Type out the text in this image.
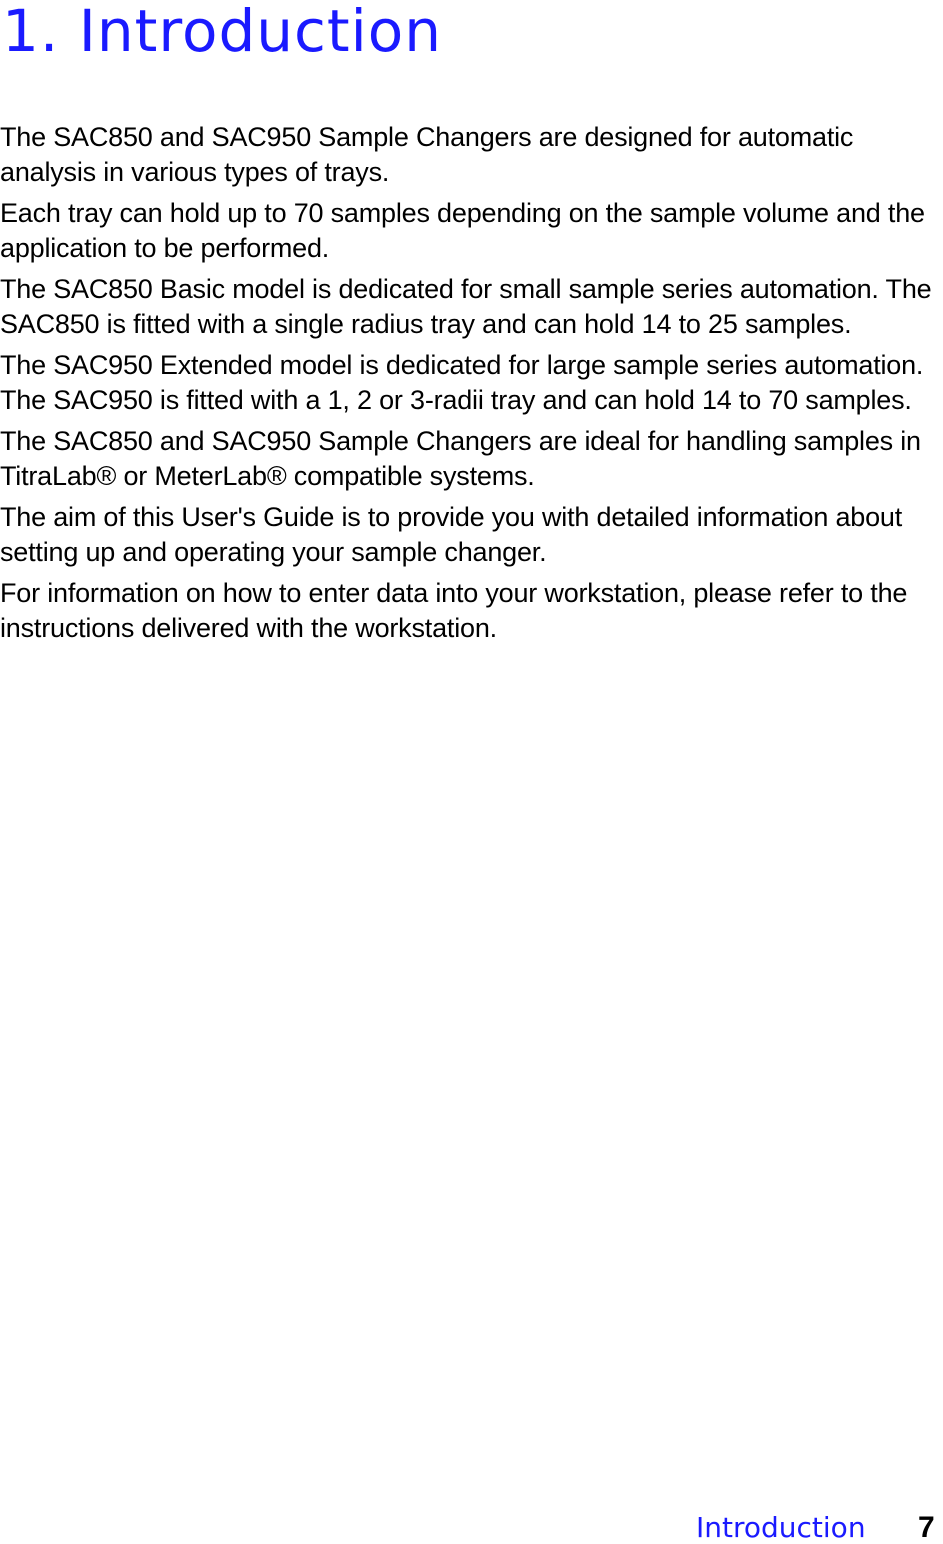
1. Introduction

The SAC850 and SAC950 Sample Changers are designed for automatic analysis in various types of trays.

Each tray can hold up to 70 samples depending on the sample volume and the application to be performed.

The SAC850 Basic model is dedicated for small sample series automation. The SAC850 is fitted with a single radius tray and can hold 14 to 25 samples.

The SAC950 Extended model is dedicated for large sample series automation. The SAC950 is fitted with a 1, 2 or 3-radii tray and can hold 14 to 70 samples.

The SAC850 and SAC950 Sample Changers are ideal for handling samples in TitraLab® or MeterLab® compatible systems.

The aim of this User's Guide is to provide you with detailed information about setting up and operating your sample changer.

For information on how to enter data into your workstation, please refer to the instructions delivered with the workstation.

Introduction 7
